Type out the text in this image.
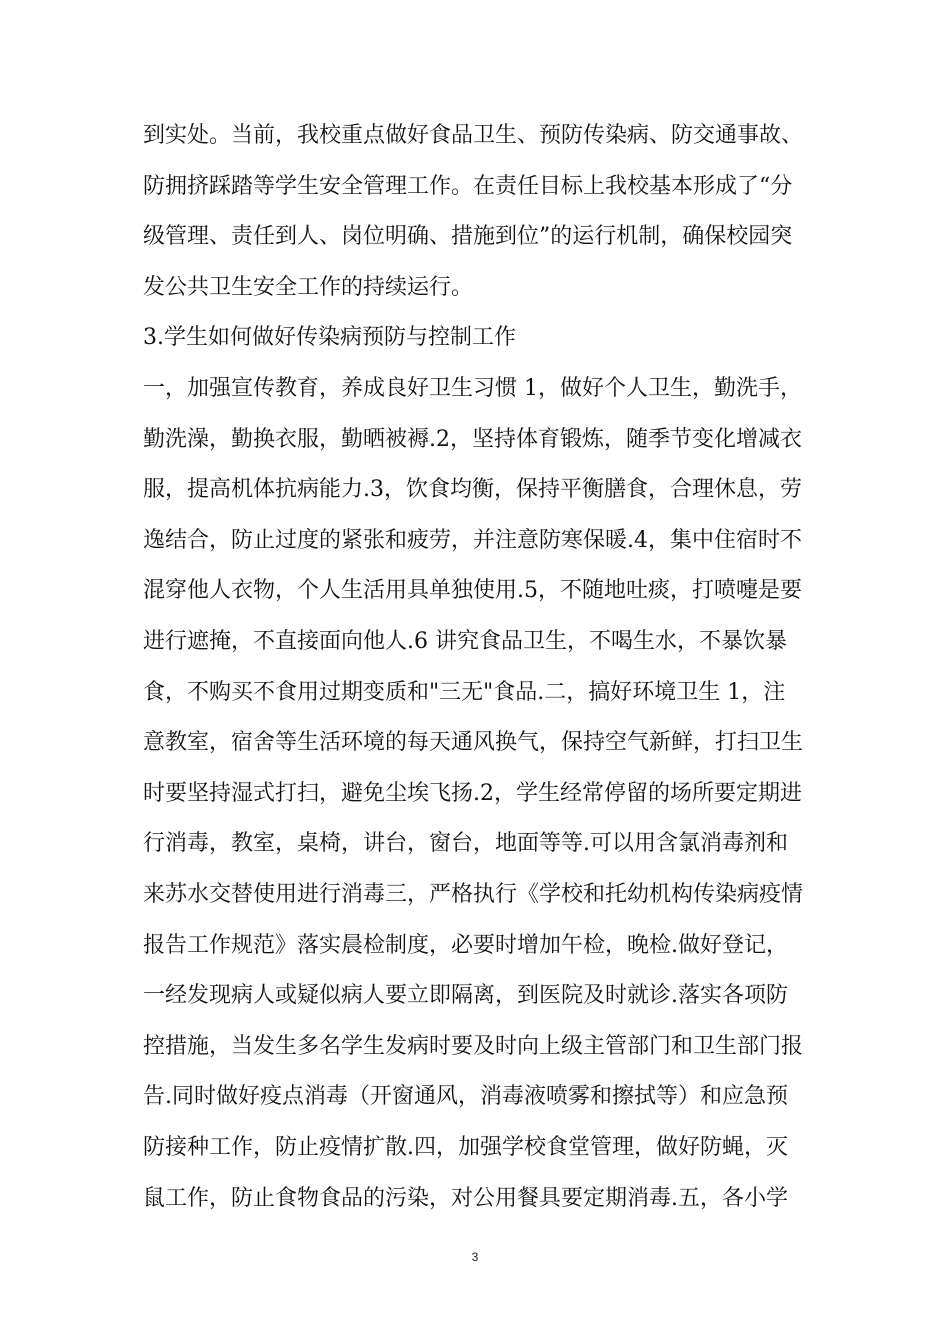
到实处。当前，我校重点做好食品卫生、预防传染病、防交通事故、
防拥挤踩踏等学生安全管理工作。在责任目标上我校基本形成了“分
级管理、责任到人、岗位明确、措施到位”的运行机制，确保校园突
发公共卫生安全工作的持续运行。
3.学生如何做好传染病预防与控制工作
一，加强宣传教育，养成良好卫生习惯 1，做好个人卫生，勤洗手，
勤洗澡，勤换衣服，勤晒被褥.2，坚持体育锻炼，随季节变化增减衣
服，提高机体抗病能力.3，饮食均衡，保持平衡膳食，合理休息，劳
逸结合，防止过度的紧张和疲劳，并注意防寒保暖.4，集中住宿时不
混穿他人衣物，个人生活用具单独使用.5，不随地吐痰，打喷嚏是要
进行遮掩，不直接面向他人.6 讲究食品卫生，不喝生水，不暴饮暴
食，不购买不食用过期变质和"三无"食品.二，搞好环境卫生 1，注
意教室，宿舍等生活环境的每天通风换气，保持空气新鲜，打扫卫生
时要坚持湿式打扫，避免尘埃飞扬.2，学生经常停留的场所要定期进
行消毒，教室，桌椅，讲台，窗台，地面等等.可以用含氯消毒剂和
来苏水交替使用进行消毒三，严格执行《学校和托幼机构传染病疫情
报告工作规范》落实晨检制度，必要时增加午检，晚检.做好登记，
一经发现病人或疑似病人要立即隔离，到医院及时就诊.落实各项防
控措施，当发生多名学生发病时要及时向上级主管部门和卫生部门报
告.同时做好疫点消毒（开窗通风，消毒液喷雾和擦拭等）和应急预
防接种工作，防止疫情扩散.四，加强学校食堂管理，做好防蝇，灭
鼠工作，防止食物食品的污染，对公用餐具要定期消毒.五，各小学
3
